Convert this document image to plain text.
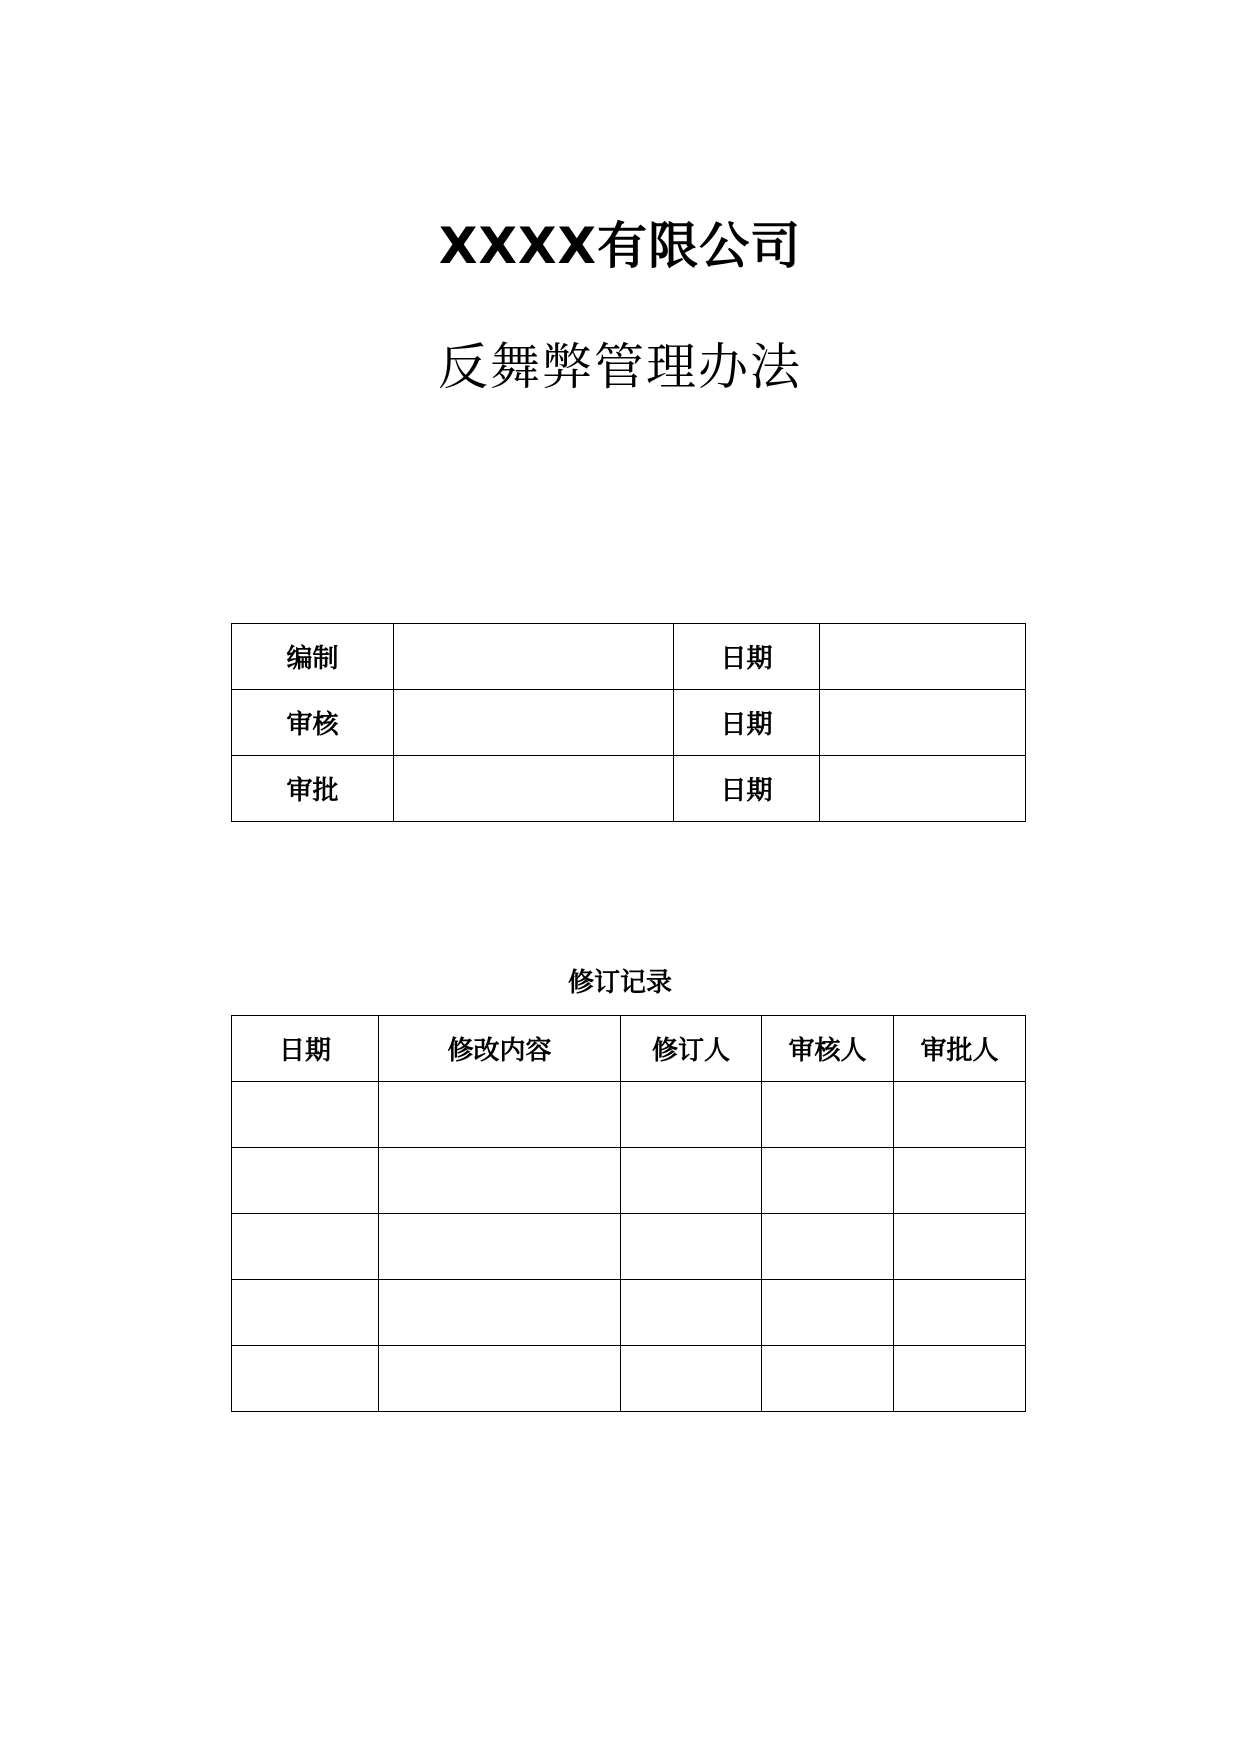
XXXX有限公司
反舞弊管理办法
编制		日期	
审核		日期	
审批		日期	
修订记录
日期	修改内容	修订人	审核人	审批人
